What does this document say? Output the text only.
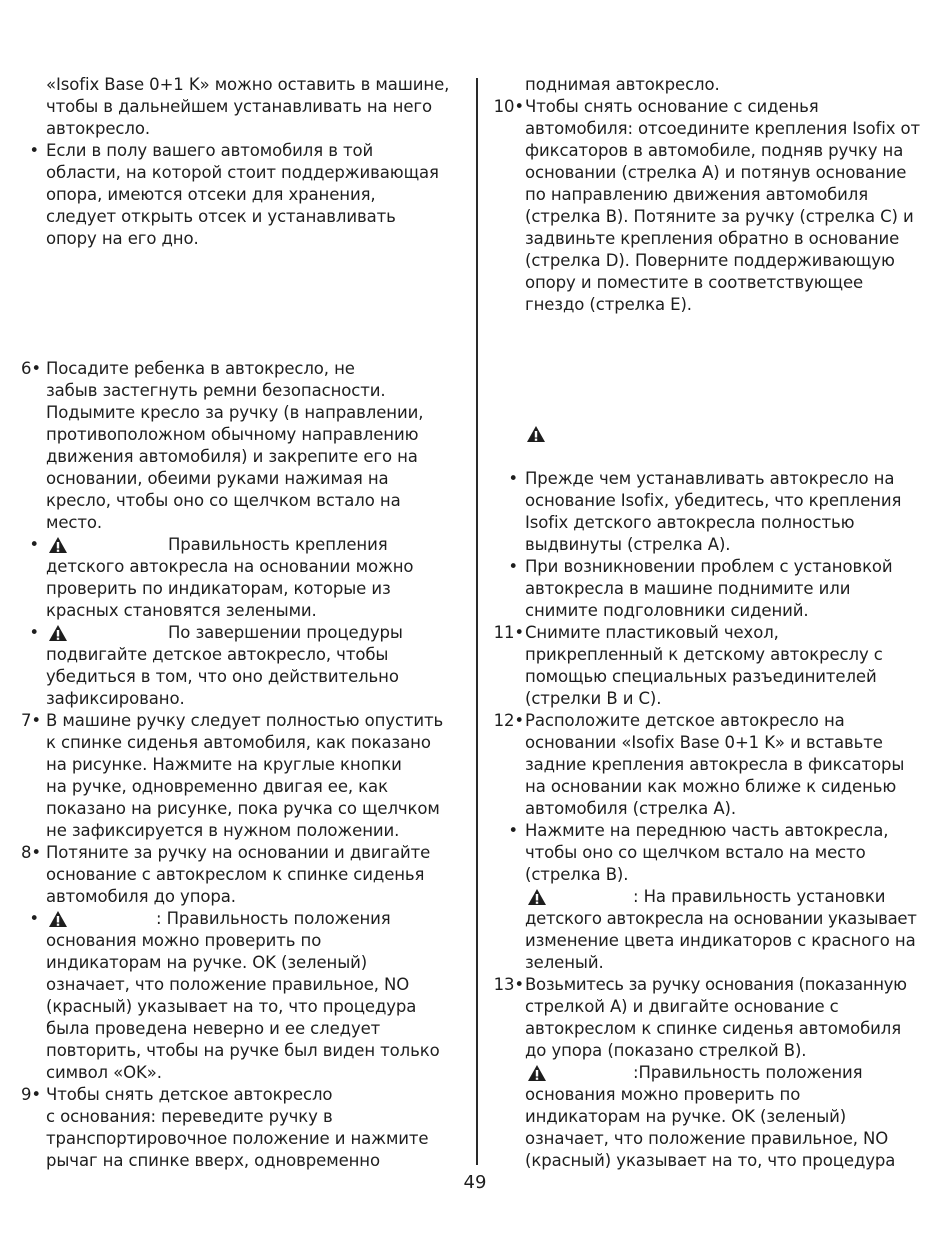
«Isofix Base 0+1 K» можно оставить в машине,
чтобы в дальнейшем устанавливать на него
автокресло.
• Если в полу вашего автомобиля в той
области, на которой стоит поддерживающая
опора, имеются отсеки для хранения,
следует открыть отсек и устанавливать
опору на его дно.
6• Посадите ребенка в автокресло, не
забыв застегнуть ремни безопасности.
Подымите кресло за ручку (в направлении,
противоположном обычному направлению
движения автомобиля) и закрепите его на
основании, обеими руками нажимая на
кресло, чтобы оно со щелчком встало на
место.
•	Правильность крепления
детского автокресла на основании можно
проверить по индикаторам, которые из
красных становятся зелеными.
•	По завершении процедуры
подвигайте детское автокресло, чтобы
убедиться в том, что оно действительно
зафиксировано.
7• В машине ручку следует полностью опустить
к спинке сиденья автомобиля, как показано
на рисунке. Нажмите на круглые кнопки
на ручке, одновременно двигая ее, как
показано на рисунке, пока ручка со щелчком
не зафиксируется в нужном положении.
8• Потяните за ручку на основании и двигайте
основание с автокреслом к спинке сиденья
автомобиля до упора.
•	: Правильность положения
основания можно проверить по
индикаторам на ручке. OK (зеленый)
означает, что положение правильное, NO
(красный) указывает на то, что процедура
была проведена неверно и ее следует
повторить, чтобы на ручке был виден только
символ «OK».
9• Чтобы снять детское автокресло
с основания: переведите ручку в
транспортировочное положение и нажмите
рычаг на спинке вверх, одновременно
поднимая автокресло.
10• Чтобы снять основание с сиденья
автомобиля: отсоедините крепления Isofix от
фиксаторов в автомобиле, подняв ручку на
основании (стрелка А) и потянув основание
по направлению движения автомобиля
(стрелка В). Потяните за ручку (стрелка С) и
задвиньте крепления обратно в основание
(стрелка D). Поверните поддерживающую
опору и поместите в соответствующее
гнездо (стрелка Е).
• Прежде чем устанавливать автокресло на
основание Isofix, убедитесь, что крепления
Isofix детского автокресла полностью
выдвинуты (стрелка А).
• При возникновении проблем с установкой
автокресла в машине поднимите или
снимите подголовники сидений.
11• Снимите пластиковый чехол,
прикрепленный к детскому автокреслу с
помощью специальных разъединителей
(стрелки В и С).
12• Расположите детское автокресло на
основании «Isofix Base 0+1 K» и вставьте
задние крепления автокресла в фиксаторы
на основании как можно ближе к сиденью
автомобиля (стрелка А).
• Нажмите на переднюю часть автокресла,
чтобы оно со щелчком встало на место
(стрелка В).
: На правильность установки
детского автокресла на основании указывает
изменение цвета индикаторов с красного на
зеленый.
13• Возьмитесь за ручку основания (показанную
стрелкой А) и двигайте основание с
автокреслом к спинке сиденья автомобиля
до упора (показано стрелкой В).
:Правильность положения
основания можно проверить по
индикаторам на ручке. OK (зеленый)
означает, что положение правильное, NO
(красный) указывает на то, что процедура
49
